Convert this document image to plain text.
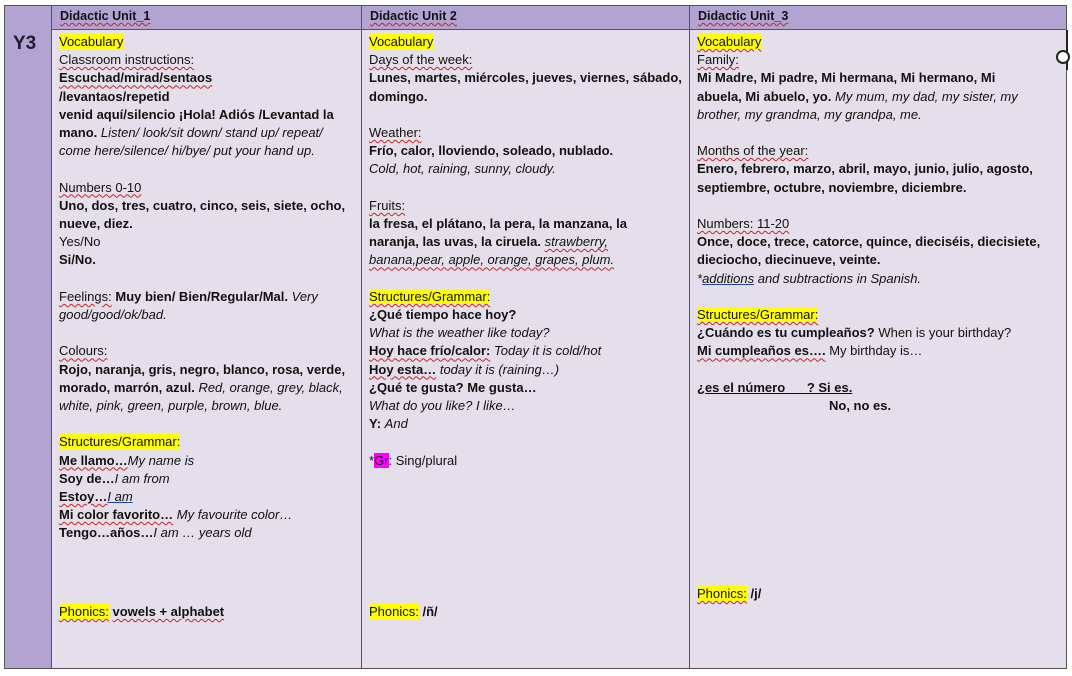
Y3
Didactic Unit_1	Didactic Unit 2	Didactic Unit_3

Vocabulary

Classroom instructions:

Escuchad/mirad/sentaos

/levantaos/repetid

venid aquí/silencio ¡Hola! Adiós /Levantad la

mano. Listen/ look/sit down/ stand up/ repeat/

come here/silence/ hi/bye/ put your hand up.

Numbers 0-10

Uno, dos, tres, cuatro, cinco, seis, siete, ocho,

nueve, diez.

Yes/No

Si/No.

Feelings: Muy bien/ Bien/Regular/Mal. Very

good/good/ok/bad.

Colours:

Rojo, naranja, gris, negro, blanco, rosa, verde,

morado, marrón, azul. Red, orange, grey, black,

white, pink, green, purple, brown, blue.

Structures/Grammar:

Me llamo…My name is

Soy de…I am from

Estoy…I am

Mi color favorito… My favourite color…

Tengo…años…I am … years old

Phonics: vowels + alphabet

Vocabulary

Days of the week:

Lunes, martes, miércoles, jueves, viernes, sábado,

domingo.

Weather:

Frío, calor, lloviendo, soleado, nublado.

Cold, hot, raining, sunny, cloudy.

Fruits:

la fresa, el plátano, la pera, la manzana, la

naranja, las uvas, la ciruela. strawberry,

banana,pear, apple, orange, grapes, plum.

Structures/Grammar:

¿Qué tiempo hace hoy?

What is the weather like today?

Hoy hace frío/calor: Today it is cold/hot

Hoy esta… today it is (raining…)

¿Qué te gusta? Me gusta…

What do you like? I like…

Y: And

*Gr: Sing/plural

Phonics: /ñ/

Vocabulary

Family:

Mi Madre, Mi padre, Mi hermana, Mi hermano, Mi

abuela, Mi abuelo, yo. My mum, my dad, my sister, my

brother, my grandma, my grandpa, me.

Months of the year:

Enero, febrero, marzo, abril, mayo, junio, julio, agosto,

septiembre, octubre, noviembre, diciembre.

Numbers: 11-20

Once, doce, trece, catorce, quince, dieciséis, diecisiete,

dieciocho, diecinueve, veinte.

*additions and subtractions in Spanish.

Structures/Grammar:

¿Cuándo es tu cumpleaños? When is your birthday?

Mi cumpleaños es…. My birthday is…

¿es el número___? Si es.

No, no es.

Phonics: /j/
